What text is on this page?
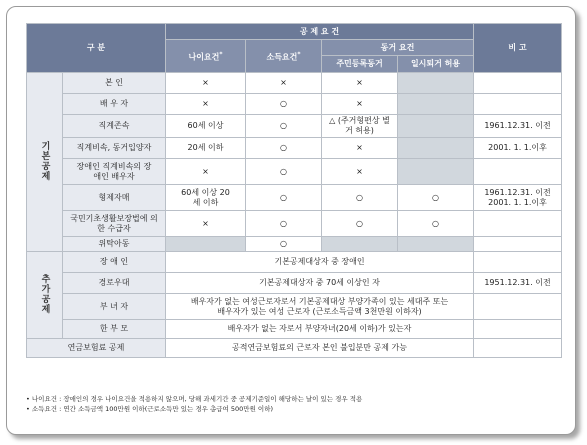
구 분		공 제 요 건				비 고
		나이요건*	소득요건*	동거 요건		
				주민등록동거	일시퇴거 허용	
기본공제	본 인	×	×	×		
	배 우 자	×	○	×		
	직계존속	60세 이상	○	△ (주거형편상 별거 허용)		1961.12.31. 이전
	직계비속, 동거입양자	20세 이하	○	×		2001. 1. 1.이후
	장애인 직계비속의 장애인 배우자	×	○	×		
	형제자매	60세 이상 20세 이하	○	○	○	1961.12.31. 이전 2001. 1. 1.이후
	국민기초생활보장법에 의한 수급자	×	○	○	○	
	위탁아동		○			
추가공제	장 애 인	기본공제대상자 중 장애인				
	경로우대	기본공제대상자 중 70세 이상인 자				1951.12.31. 이전
	부 녀 자	배우자가 없는 여성근로자로서 기본공제대상 부양가족이 있는 세대주 또는 배우자가 있는 여성 근로자 (근로소득금액 3천만원 이하자)				
	한 부 모	배우자가 없는 자로서 부양자녀(20세 이하)가 있는자				
연금보험료 공제		공적연금보험료의 근로자 본인 불입분만 공제 가능				
• 나이요건 : 장애인의 경우 나이요건을 적용하지 않으며, 당해 과세기간 중 공제기준일이 해당하는 날이 있는 경우 적용
• 소득요건 : 연간 소득금액 100만원 이하(근로소득만 있는 경우 총급여 500만원 이하)
